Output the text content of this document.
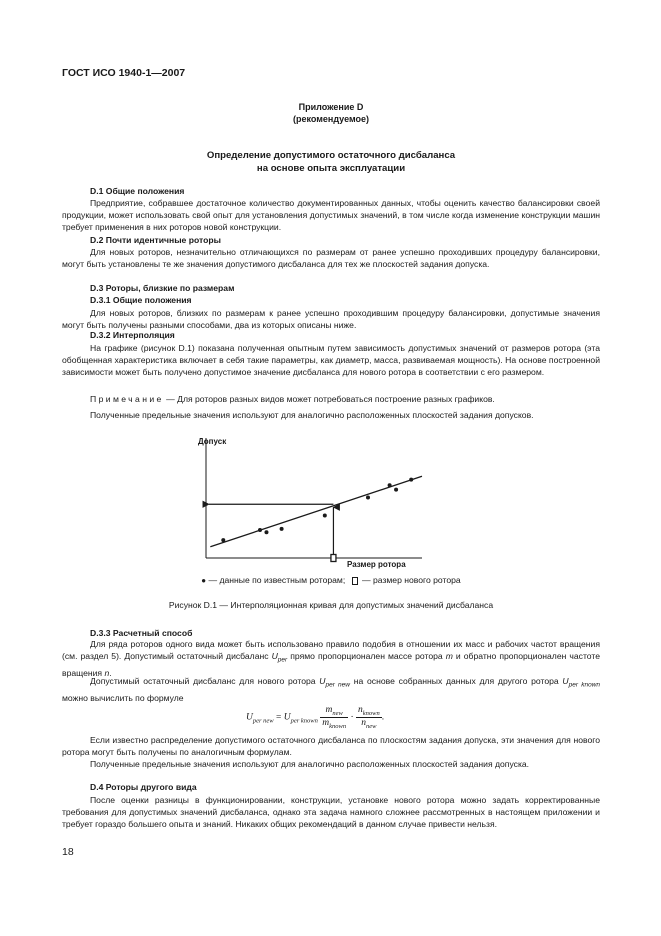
ГОСТ ИСО 1940-1—2007
Приложение D
(рекомендуемое)
Определение допустимого остаточного дисбаланса
на основе опыта эксплуатации
D.1 Общие положения

Предприятие, собравшее достаточное количество документированных данных, чтобы оценить качество балансировки своей продукции, может использовать свой опыт для установления допустимых значений, в том числе когда изменение конструкции машин требует применения в них роторов новой конструкции.

D.2 Почти идентичные роторы

Для новых роторов, незначительно отличающихся по размерам от ранее успешно проходивших процедуру балансировки, могут быть установлены те же значения допустимого дисбаланса для тех же плоскостей задания допуска.

D.3 Роторы, близкие по размерам
D.3.1 Общие положения

Для новых роторов, близких по размерам к ранее успешно проходившим процедуру балансировки, допустимые значения могут быть получены разными способами, два из которых описаны ниже.

D.3.2 Интерполяция

На графике (рисунок D.1) показана полученная опытным путем зависимость допустимых значений от размеров ротора (эта обобщенная характеристика включает в себя такие параметры, как диаметр, масса, развиваемая мощность). На основе построенной зависимости может быть получено допустимое значение дисбаланса для нового ротора в соответствии с его размером.

Примечание — Для роторов разных видов может потребоваться построение разных графиков.

Полученные предельные значения используют для аналогично расположенных плоскостей задания допусков.

Допуск
Размер ротора
● — данные по известным роторам; — размер нового ротора
Рисунок D.1 — Интерполяционная кривая для допустимых значений дисбаланса
D.3.3 Расчетный способ

Для ряда роторов одного вида может быть использовано правило подобия в отношении их масс и рабочих частот вращения (см. раздел 5). Допустимый остаточный дисбаланс $U_{per}$ прямо пропорционален массе ротора m и обратно пропорционален частоте вращения n.

Допустимый остаточный дисбаланс для нового ротора $U_{per new}$ на основе собранных данных для другого ротора $U_{per known}$ можно вычислить по формуле

$U_{per new} = U_{per known} \frac{m_{new}}{m_{known}} \cdot \frac{n_{known}}{n_{new}}$ .

Если известно распределение допустимого остаточного дисбаланса по плоскостям задания допуска, эти значения для нового ротора могут быть получены по аналогичным формулам.

Полученные предельные значения используют для аналогично расположенных плоскостей задания допуска.

D.4 Роторы другого вида

После оценки разницы в функционировании, конструкции, установке нового ротора можно задать корректированные требования для допустимых значений дисбаланса, однако эта задача намного сложнее рассмотренных в настоящем приложении и требует гораздо большего опыта и знаний. Никаких общих рекомендаций в данном случае привести нельзя.

18
